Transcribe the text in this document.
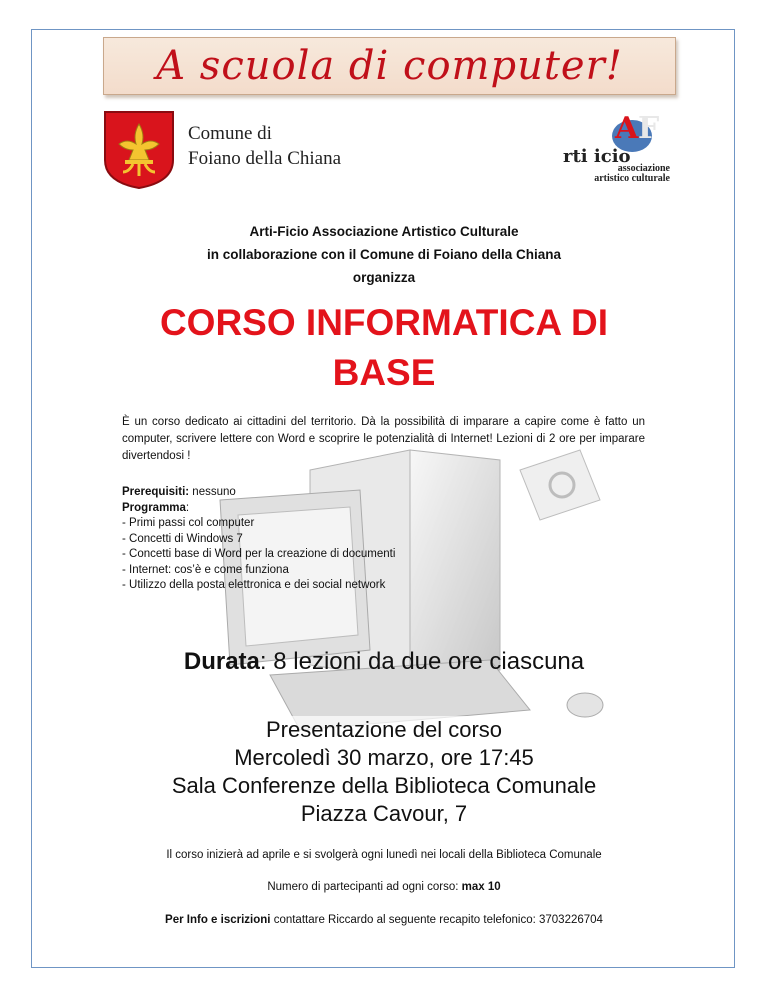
A scuola di computer!
Comune di
Foiano della Chiana
A F
rti icio
associazione
artistico culturale
Arti-Ficio Associazione Artistico Culturale
in collaborazione con il Comune di Foiano della Chiana
organizza
CORSO INFORMATICA DI
BASE
È un corso dedicato ai cittadini del territorio. Dà la possibilità di imparare a capire come è fatto un computer, scrivere lettere con Word e scoprire le potenzialità di Internet! Lezioni di 2 ore per imparare divertendosi !
Prerequisiti: nessuno
Programma:
- Primi passi col computer
- Concetti di Windows 7
- Concetti base di Word per la creazione di documenti
- Internet: cos’è e come funziona
- Utilizzo della posta elettronica e dei social network
Durata: 8 lezioni da due ore ciascuna
Presentazione del corso
Mercoledì 30 marzo, ore 17:45
Sala Conferenze della Biblioteca Comunale
Piazza Cavour, 7
Il corso inizierà ad aprile e si svolgerà ogni lunedì nei locali della Biblioteca Comunale
Numero di partecipanti ad ogni corso: max 10
Per Info e iscrizioni contattare Riccardo al seguente recapito telefonico: 3703226704
